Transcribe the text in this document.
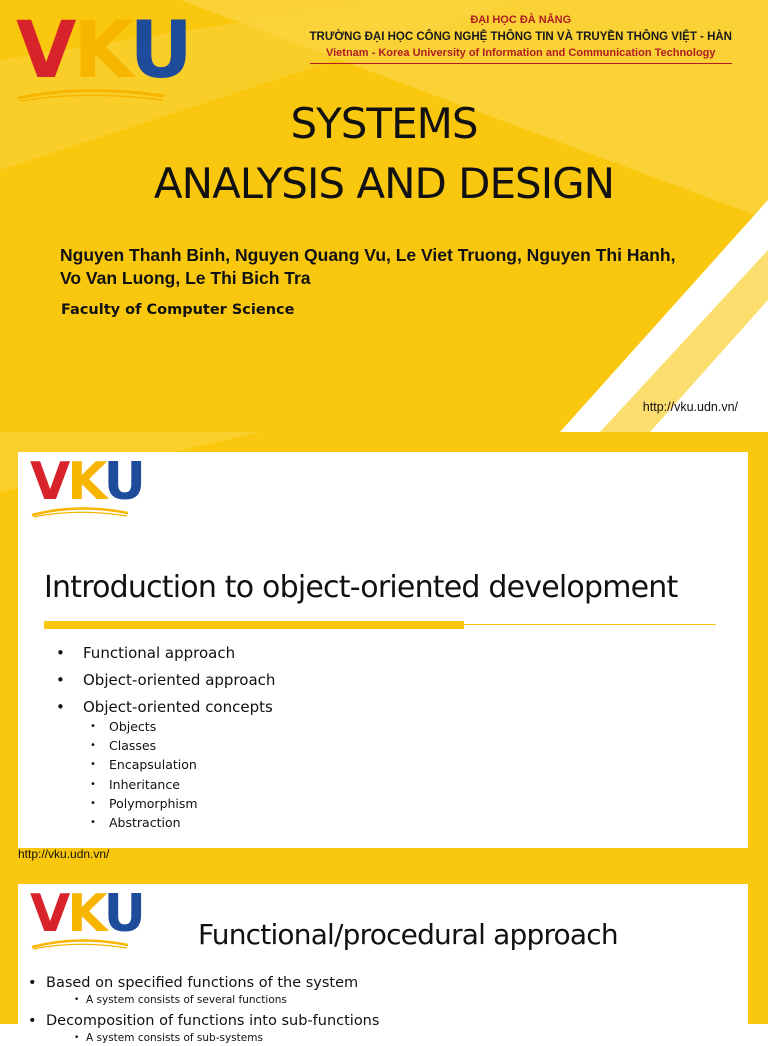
VKU	ĐẠI HỌC ĐÀ NẴNG
TRƯỜNG ĐẠI HỌC CÔNG NGHỆ THÔNG TIN VÀ TRUYỀN THÔNG VIỆT - HÀN
Vietnam - Korea University of Information and Communication Technology
SYSTEMS
ANALYSIS AND DESIGN
Nguyen Thanh Binh, Nguyen Quang Vu, Le Viet Truong, Nguyen Thi Hanh, Vo Van Luong, Le Thi Bich Tra
Faculty of Computer Science
http://vku.udn.vn/
VKU
Introduction to object-oriented development
• Functional approach
• Object-oriented approach
• Object-oriented concepts
• Objects
• Classes
• Encapsulation
• Inheritance
• Polymorphism
• Abstraction
http://vku.udn.vn/
VKU Functional/procedural approach
• Based on specified functions of the system
• A system consists of several functions
• Decomposition of functions into sub-functions
• A system consists of sub-systems
